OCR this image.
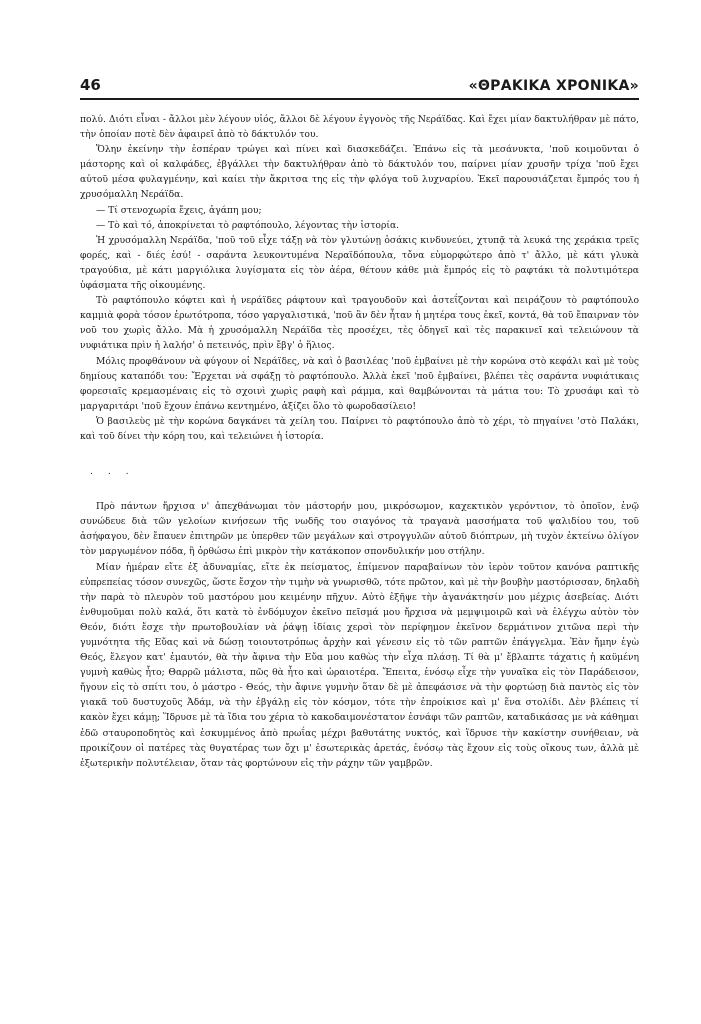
46	«ΘΡΑΚΙΚΑ ΧΡΟΝΙΚΑ»

πολύ. Διότι εἶναι - ἄλλοι μὲν λέγουν υἱός, ἄλλοι δὲ λέγουν ἐγγονὸς τῆς Νεράϊδας. Καὶ ἔχει μίαν δακτυλήθραν μὲ πάτο, τὴν ὁποίαν ποτὲ δὲν ἀφαιρεῖ ἀπὸ τὸ δάκτυλόν του.

Ὅλην ἐκείνην τὴν ἑσπέραν τρώγει καὶ πίνει καὶ διασκεδάζει. Ἐπάνω εἰς τὰ μεσάνυκτα, 'ποῦ κοιμοῦνται ὁ μάστορης καὶ οἱ καλφάδες, ἐβγάλλει τὴν δακτυλήθραν ἀπὸ τὸ δάκτυλόν του, παίρνει μίαν χρυσῆν τρίχα 'ποῦ ἔχει αὐτοῦ μέσα φυλαγμένην, καὶ καίει τὴν ἄκριτσα της εἰς τὴν φλόγα τοῦ λυχναρίου. Ἐκεῖ παρουσιάζεται ἔμπρός του ἡ χρυσόμαλλη Νεράϊδα.

— Τί στενοχωρία ἔχεις, ἀγάπη μου;

— Τὸ καὶ τό, ἀποκρίνεται τὸ ραφτόπουλο, λέγοντας τὴν ἱστορία.

Ἡ χρυσόμαλλη Νεράϊδα, 'ποῦ τοῦ εἶχε τάξῃ νὰ τὸν γλυτώνῃ ὁσάκις κινδυνεύει, χτυπᾷ τὰ λευκά της χεράκια τρεῖς φορές, καὶ - διές ἐσύ! - σαράντα λευκοντυμένα Νεραϊδόπουλα, τὄνα εὐμορφώτερο ἀπὸ τ' ἄλλο, μὲ κάτι γλυκὰ τραγούδια, μὲ κάτι μαργιόλικα λυγίσματα εἰς τὸν ἀέρα, θέτουν κάθε μιὰ ἔμπρός εἰς τὸ ραφτάκι τὰ πολυτιμότερα ὑφάσματα τῆς οἰκουμένης.

Τὸ ραφτόπουλο κόφτει καὶ ἡ νεράϊδες ράφτουν καὶ τραγουδοῦν καὶ ἀστεΐζονται καὶ πειράζουν τὸ ραφτόπουλο καμμιὰ φορὰ τόσον ἐρωτότροπα, τόσο γαργαλιστικά, 'ποῦ ἂν δὲν ἦταν ἡ μητέρα τους ἐκεῖ, κοντά, θὰ τοῦ ἔπαιρναν τὸν νοῦ του χωρὶς ἄλλο. Μὰ ἡ χρυσόμαλλη Νεράϊδα τὲς προσέχει, τὲς ὁδηγεῖ καὶ τὲς παρακινεῖ καὶ τελειώνουν τὰ νυφιάτικα πρὶν ἡ λαλήσ' ὁ πετεινός, πρὶν ἔβγ' ὁ ἥλιος.

Μόλις προφθάνουν νὰ φύγουν οἱ Νεράϊδες, νὰ καὶ ὁ βασιλέας 'ποῦ ἐμβαίνει μὲ τὴν κορώνα στὸ κεφάλι καὶ μὲ τοὺς δημίους καταπόδι του: Ἔρχεται νὰ σφάξῃ τὸ ραφτόπουλο. Ἀλλὰ ἐκεῖ 'ποῦ ἐμβαίνει, βλέπει τὲς σαράντα νυφιάτικαις φορεσιαῖς κρεμασμέναις εἰς τὸ σχοινὶ χωρὶς ραφὴ καὶ ράμμα, καὶ θαμβώνονται τὰ μάτια του: Τὸ χρυσάφι καὶ τὸ μαργαριτάρι 'ποῦ ἔχουν ἐπάνω κεντημένο, ἀξίζει ὅλο τὸ φωροδασίλειο!

Ὁ βασιλεὺς μὲ τὴν κορώνα δαγκάνει τὰ χείλη του. Παίρνει τὸ ραφτόπουλο ἀπὸ τὸ χέρι, τὸ πηγαίνει 'στὸ Παλάκι, καὶ τοῦ δίνει τὴν κόρη του, καὶ τελειώνει ἡ ἱστορία.

. . .

Πρὸ πάντων ἤρχισα ν' ἀπεχθάνωμαι τὸν μάστορήν μου, μικρόσωμον, καχεκτικὸν γερόντιον, τὸ ὁποῖον, ἐνῷ συνώδευε διὰ τῶν γελοίων κινήσεων τῆς νωδῆς του σιαγόνος τὰ τραγανὰ μασσήματα τοῦ ψαλιδίου του, τοῦ ἀσήφαγου, δὲν ἔπαυεν ἐπιτηρῶν με ὑπερθεν τῶν μεγάλων καὶ στρογγυλῶν αὐτοῦ διόπτρων, μὴ τυχὸν ἐκτείνω ὀλίγον τὸν μαργωμένον πόδα, ἢ ὀρθώσω ἐπὶ μικρὸν τὴν κατάκοπον σπονδυλικήν μου στήλην.

Μίαν ἡμέραν εἴτε ἐξ ἀδυναμίας, εἴτε ἐκ πείσματος, ἐπίμενον παραβαίνων τὸν ἱερὸν τοῦτον κανόνα ραπτικῆς εὐπρεπείας τόσον συνεχῶς, ὥστε ἔσχον τὴν τιμὴν νὰ γνωρισθῶ, τότε πρῶτον, καὶ μὲ τὴν βουβὴν μαστόρισσαν, δηλαδὴ τὴν παρὰ τὸ πλευρὸν τοῦ μαστόρου μου κειμένην πῆχυν. Αὐτὸ ἐξῆψε τὴν ἀγανάκτησίν μου μέχρις ἀσεβείας. Διότι ἐνθυμοῦμαι πολὺ καλά, ὅτι κατὰ τὸ ἐνδόμυχον ἐκεῖνο πεῖσμά μου ἤρχισα νὰ μεμψιμοιρῶ καὶ νὰ ἐλέγχω αὐτὸν τὸν Θεόν, διότι ἔσχε τὴν πρωτοβουλίαν νὰ ῥάψῃ ἰδίαις χερσὶ τὸν περίφημον ἐκεῖνον δερμάτινον χιτῶνα περὶ τὴν γυμνότητα τῆς Εὔας καὶ νὰ δώσῃ τοιουτοτρόπως ἀρχὴν καὶ γένεσιν εἰς τὸ τῶν ραπτῶν ἐπάγγελμα. Ἐὰν ἤμην ἐγὼ Θεός, ἔλεγον κατ' ἐμαυτόν, θὰ τὴν ἄφινα τὴν Εὔα μου καθὼς τὴν εἶχα πλάσῃ. Τί θὰ μ' ἔβλαπτε τάχατις ἡ καϋμένη γυμνὴ καθὼς ἦτο; Θαρρῶ μάλιστα, πῶς θὰ ἦτο καὶ ὡραιοτέρα. Ἔπειτα, ἐνόσῳ εἶχε τὴν γυναῖκα εἰς τὸν Παράδεισον, ἤγουν εἰς τὸ σπίτι του, ὁ μάστρο - Θεός, τὴν ἄφινε γυμνὴν ὅταν δὲ μὲ ἀπεφάσισε νὰ τὴν φορτώσῃ διὰ παντὸς εἰς τὸν γιακᾶ τοῦ δυστυχοῦς Ἀδάμ, νὰ τὴν ἐβγάλῃ εἰς τὸν κόσμον, τότε τὴν ἐπροίκισε καὶ μ' ἕνα στολίδι. Δὲν βλέπεις τί κακὸν ἔχει κάμῃ; Ἵδρυσε μὲ τὰ ἴδια του χέρια τὸ κακοδαιμονέστατον ἐσνάφι τῶν ραπτῶν, καταδικάσας με νὰ κάθημαι ἐδῶ σταυροποδητὸς καὶ ἐσκυμμένος ἀπὸ πρωΐας μέχρι βαθυτάτης νυκτός, καὶ ἵδρυσε τὴν κακίστην συνήθειαν, νὰ προικίζουν οἱ πατέρες τὰς θυγατέρας των ὄχι μ' ἐσωτερικὰς ἀρετάς, ἐνόσῳ τὰς ἔχουν εἰς τοὺς οἴκους των, ἀλλὰ μὲ ἐξωτερικὴν πολυτέλειαν, ὅταν τὰς φορτώνουν εἰς τὴν ράχην τῶν γαμβρῶν.
